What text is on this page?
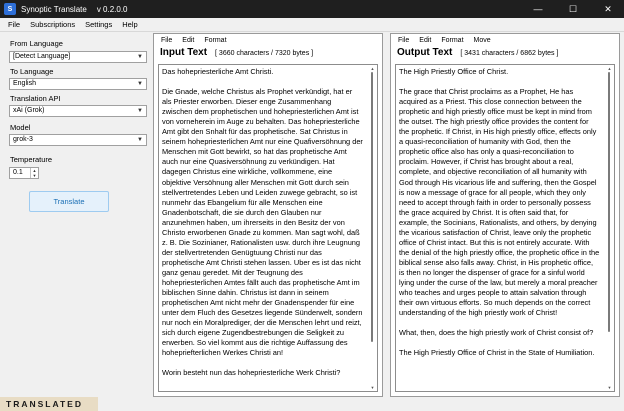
S	Synoptic Translate v 0.2.0.0	—	☐	✕
File Subscriptions Settings Help
From Language
[Detect Language]	▼
To Language
English	▼
Translation API
xAi (Grok)	▼
Model
grok-3	▼
Temperature
0.1	▲
▼
Translate
File Edit Format
Input Text [ 3660 characters / 7320 bytes ]

Das hohepriesterliche Amt Christi.

Die Gnade, welche Christus als Prophet verkündigt, hat er als Priester erworben. Dieser enge Zusammenhang zwischen dem prophetischen und hohepriesterlichen Amt ist von vorneherein im Auge zu behalten. Das hohepriesterliche Amt gibt den Snhalt für das prophetische. Sat Christus in seinem hohepriesterlichen Amt nur eine Quafiversöhnung der Menschen mit Gott bewirkt, so hat das prophetische Amt auch nur eine Quasiversöhnung zu verkündigen. Hat dagegen Christus eine wirkliche, vollkommene, eine objektive Versöhnung aller Menschen mit Gott durch sein stellvertretendes Leben und Leiden zuwege gebracht, so ist nunmehr das Ebangelium für alle Menschen eine Gnadenbotschaft, die sie durch den Glauben nur anzunehmen haben, um ihrerseits in den Besitz der von Christo erworbenen Gnade zu kommen. Man sagt wohl, daß z. B. Die Sozinianer, Rationalisten usw. durch ihre Leugnung der stellvertretenden Genügtuung Christi nur das prophetische Amt Christi stehen lassen. Uber es ist das nicht ganz genau geredet. Mit der Teugnung des hohepriesterlichen Amtes fällt auch das prophetische Amt im biblischen Sinne dahin. Christus ist dann in seinem prophetischen Amt nicht mehr der Gnadenspender für eine unter dem Fluch des Gesetzes liegende Sünderwelt, sondern nur noch ein Moralprediger, der die Menschen lehrt und reizt, sich durch eigene Zugendbestrebungen die Seligkeit zu erwerben. So viel kommt aus die richtige Auffassung des hohepriefterlichen Werkes Christi an!

Worin besteht nun das hohepriesterliche Werk Christi?

▲
▼
File Edit Format Move
Output Text [ 3431 characters / 6862 bytes ]

The High Priestly Office of Christ.

The grace that Christ proclaims as a Prophet, He has acquired as a Priest. This close connection between the prophetic and high priestly office must be kept in mind from the outset. The high priestly office provides the content for the prophetic. If Christ, in His high priestly office, effects only a quasi-reconciliation of humanity with God, then the prophetic office also has only a quasi-reconciliation to proclaim. However, if Christ has brought about a real, complete, and objective reconciliation of all humanity with God through His vicarious life and suffering, then the Gospel is now a message of grace for all people, which they only need to accept through faith in order to personally possess the grace acquired by Christ. It is often said that, for example, the Socinians, Rationalists, and others, by denying the vicarious satisfaction of Christ, leave only the prophetic office of Christ intact. But this is not entirely accurate. With the denial of the high priestly office, the prophetic office in the biblical sense also falls away. Christ, in His prophetic office, is then no longer the dispenser of grace for a sinful world lying under the curse of the law, but merely a moral preacher who teaches and urges people to attain salvation through their own virtuous efforts. So much depends on the correct understanding of the high priestly work of Christ!

What, then, does the high priestly work of Christ consist of?

The High Priestly Office of Christ in the State of Humiliation.

▲
▼
TRANSLATED
